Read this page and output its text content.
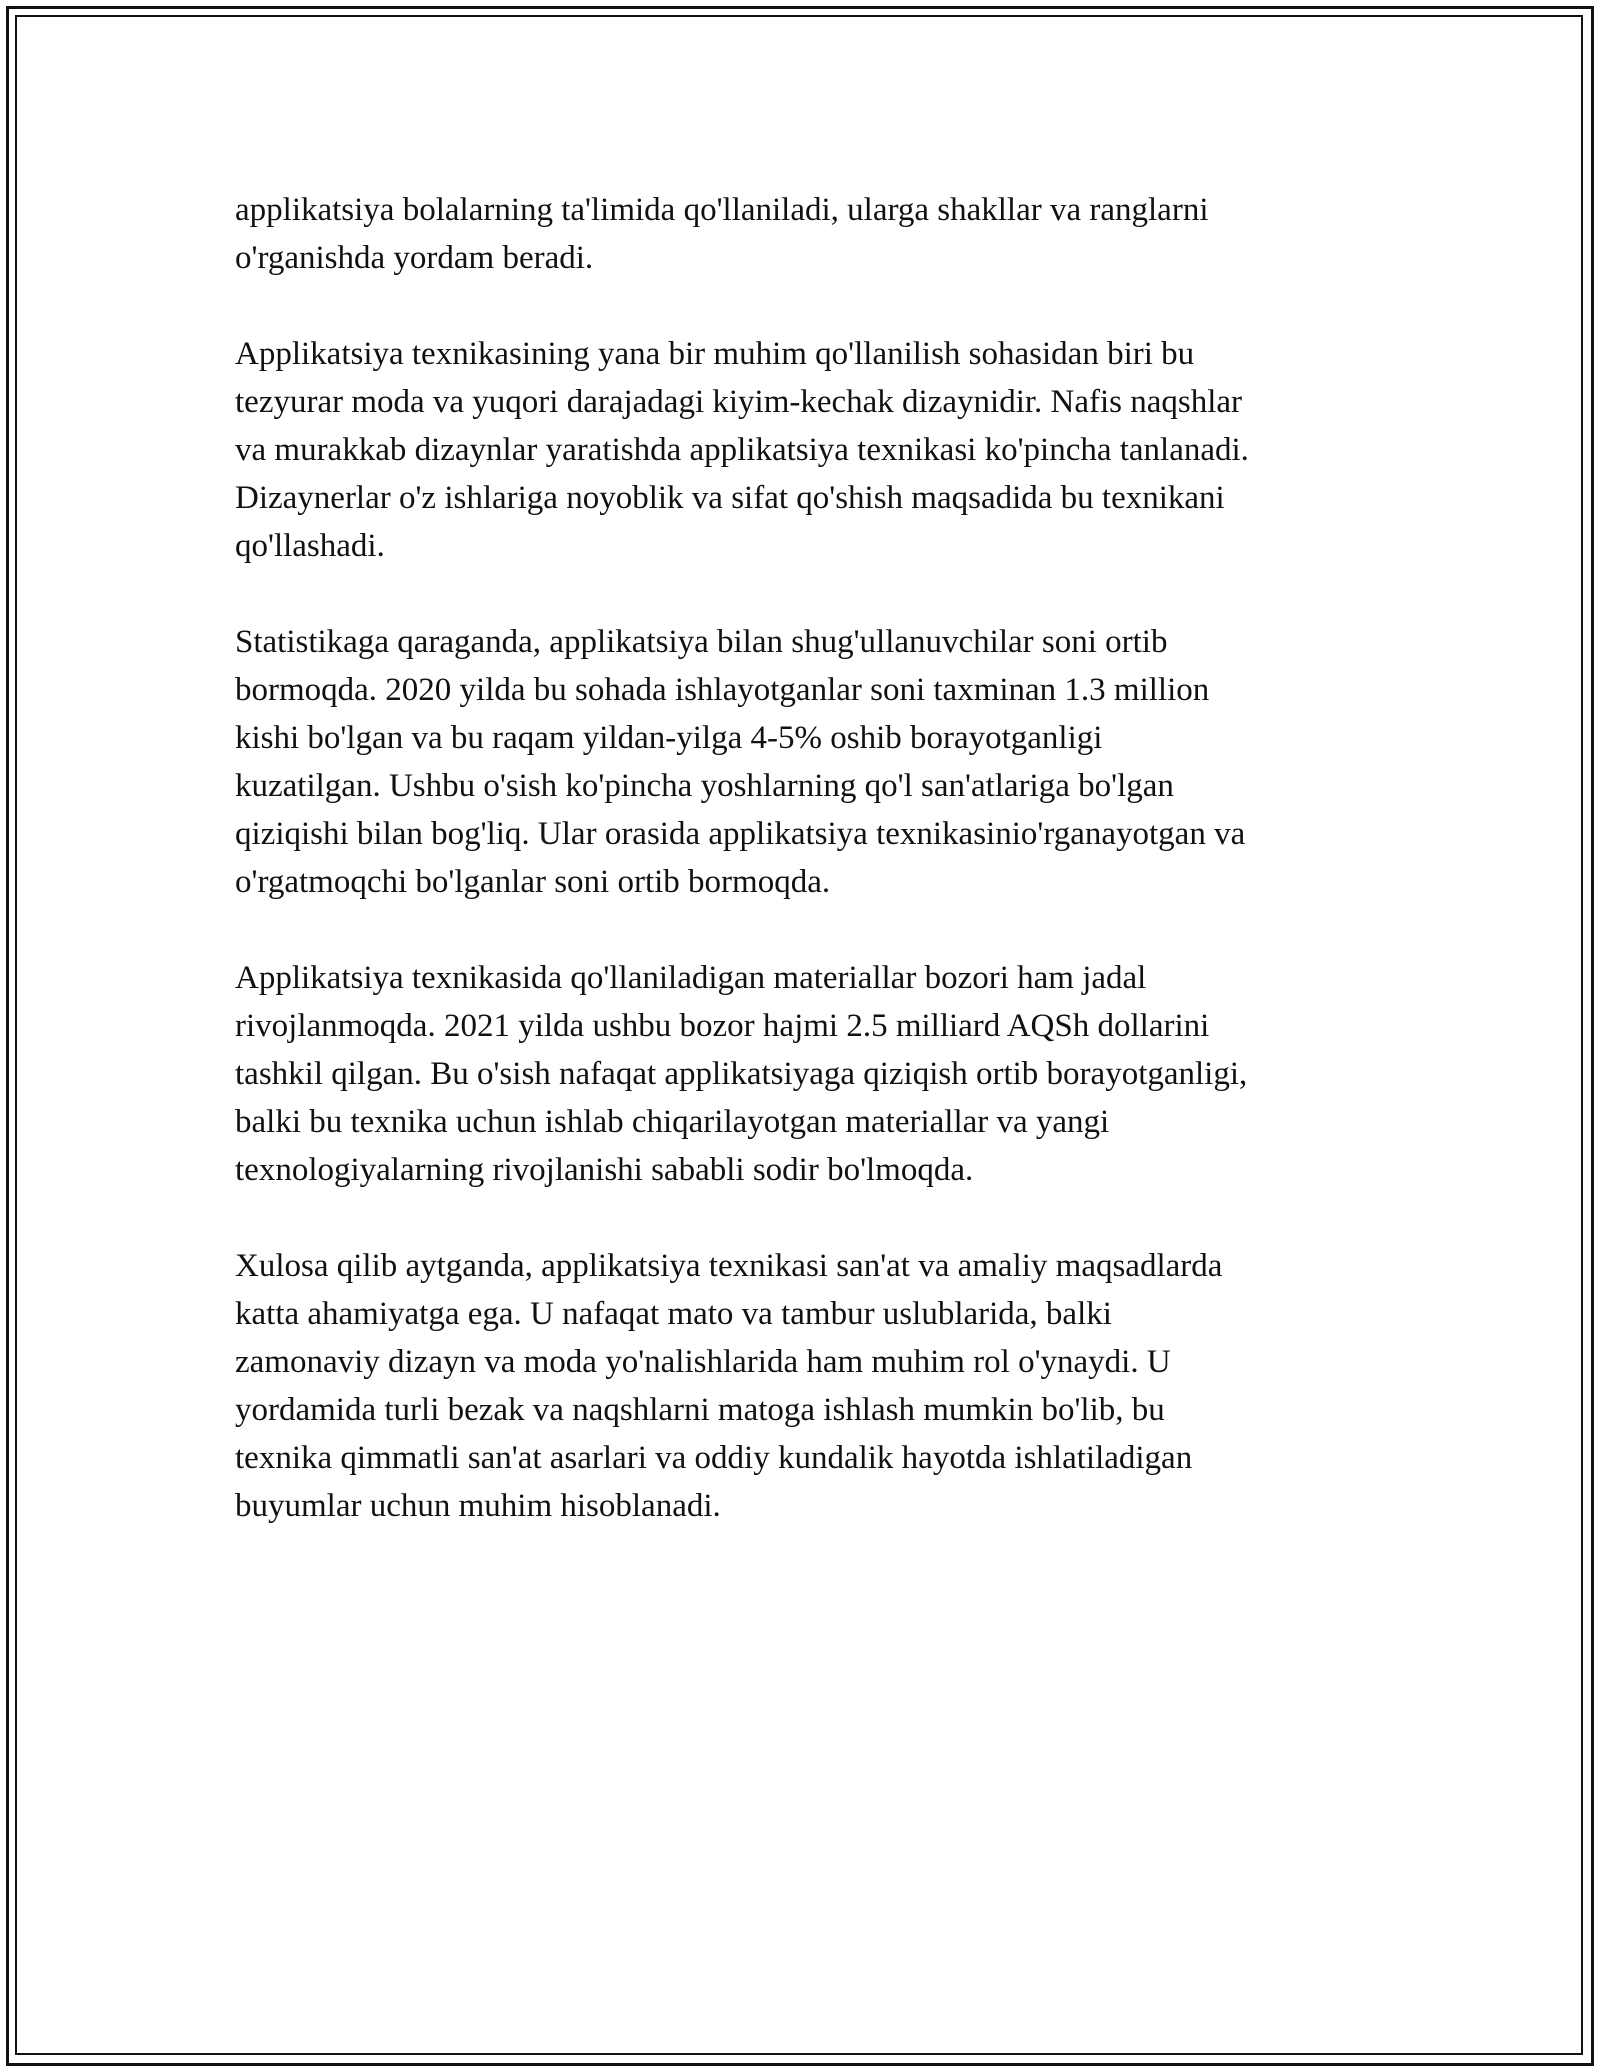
applikatsiya bolalarning ta'limida qo'llaniladi, ularga shakllar va ranglarni
o'rganishda yordam beradi.

Applikatsiya texnikasining yana bir muhim qo'llanilish sohasidan biri bu
tezyurar moda va yuqori darajadagi kiyim-kechak dizaynidir. Nafis naqshlar
va murakkab dizaynlar yaratishda applikatsiya texnikasi ko'pincha tanlanadi.
Dizaynerlar o'z ishlariga noyoblik va sifat qo'shish maqsadida bu texnikani
qo'llashadi.

Statistikaga qaraganda, applikatsiya bilan shug'ullanuvchilar soni ortib
bormoqda. 2020 yilda bu sohada ishlayotganlar soni taxminan 1.3 million
kishi bo'lgan va bu raqam yildan-yilga 4-5% oshib borayotganligi
kuzatilgan. Ushbu o'sish ko'pincha yoshlarning qo'l san'atlariga bo'lgan
qiziqishi bilan bog'liq. Ular orasida applikatsiya texnikasinio'rganayotgan va
o'rgatmoqchi bo'lganlar soni ortib bormoqda.

Applikatsiya texnikasida qo'llaniladigan materiallar bozori ham jadal
rivojlanmoqda. 2021 yilda ushbu bozor hajmi 2.5 milliard AQSh dollarini
tashkil qilgan. Bu o'sish nafaqat applikatsiyaga qiziqish ortib borayotganligi,
balki bu texnika uchun ishlab chiqarilayotgan materiallar va yangi
texnologiyalarning rivojlanishi sababli sodir bo'lmoqda.

Xulosa qilib aytganda, applikatsiya texnikasi san'at va amaliy maqsadlarda
katta ahamiyatga ega. U nafaqat mato va tambur uslublarida, balki
zamonaviy dizayn va moda yo'nalishlarida ham muhim rol o'ynaydi. U
yordamida turli bezak va naqshlarni matoga ishlash mumkin bo'lib, bu
texnika qimmatli san'at asarlari va oddiy kundalik hayotda ishlatiladigan
buyumlar uchun muhim hisoblanadi.
